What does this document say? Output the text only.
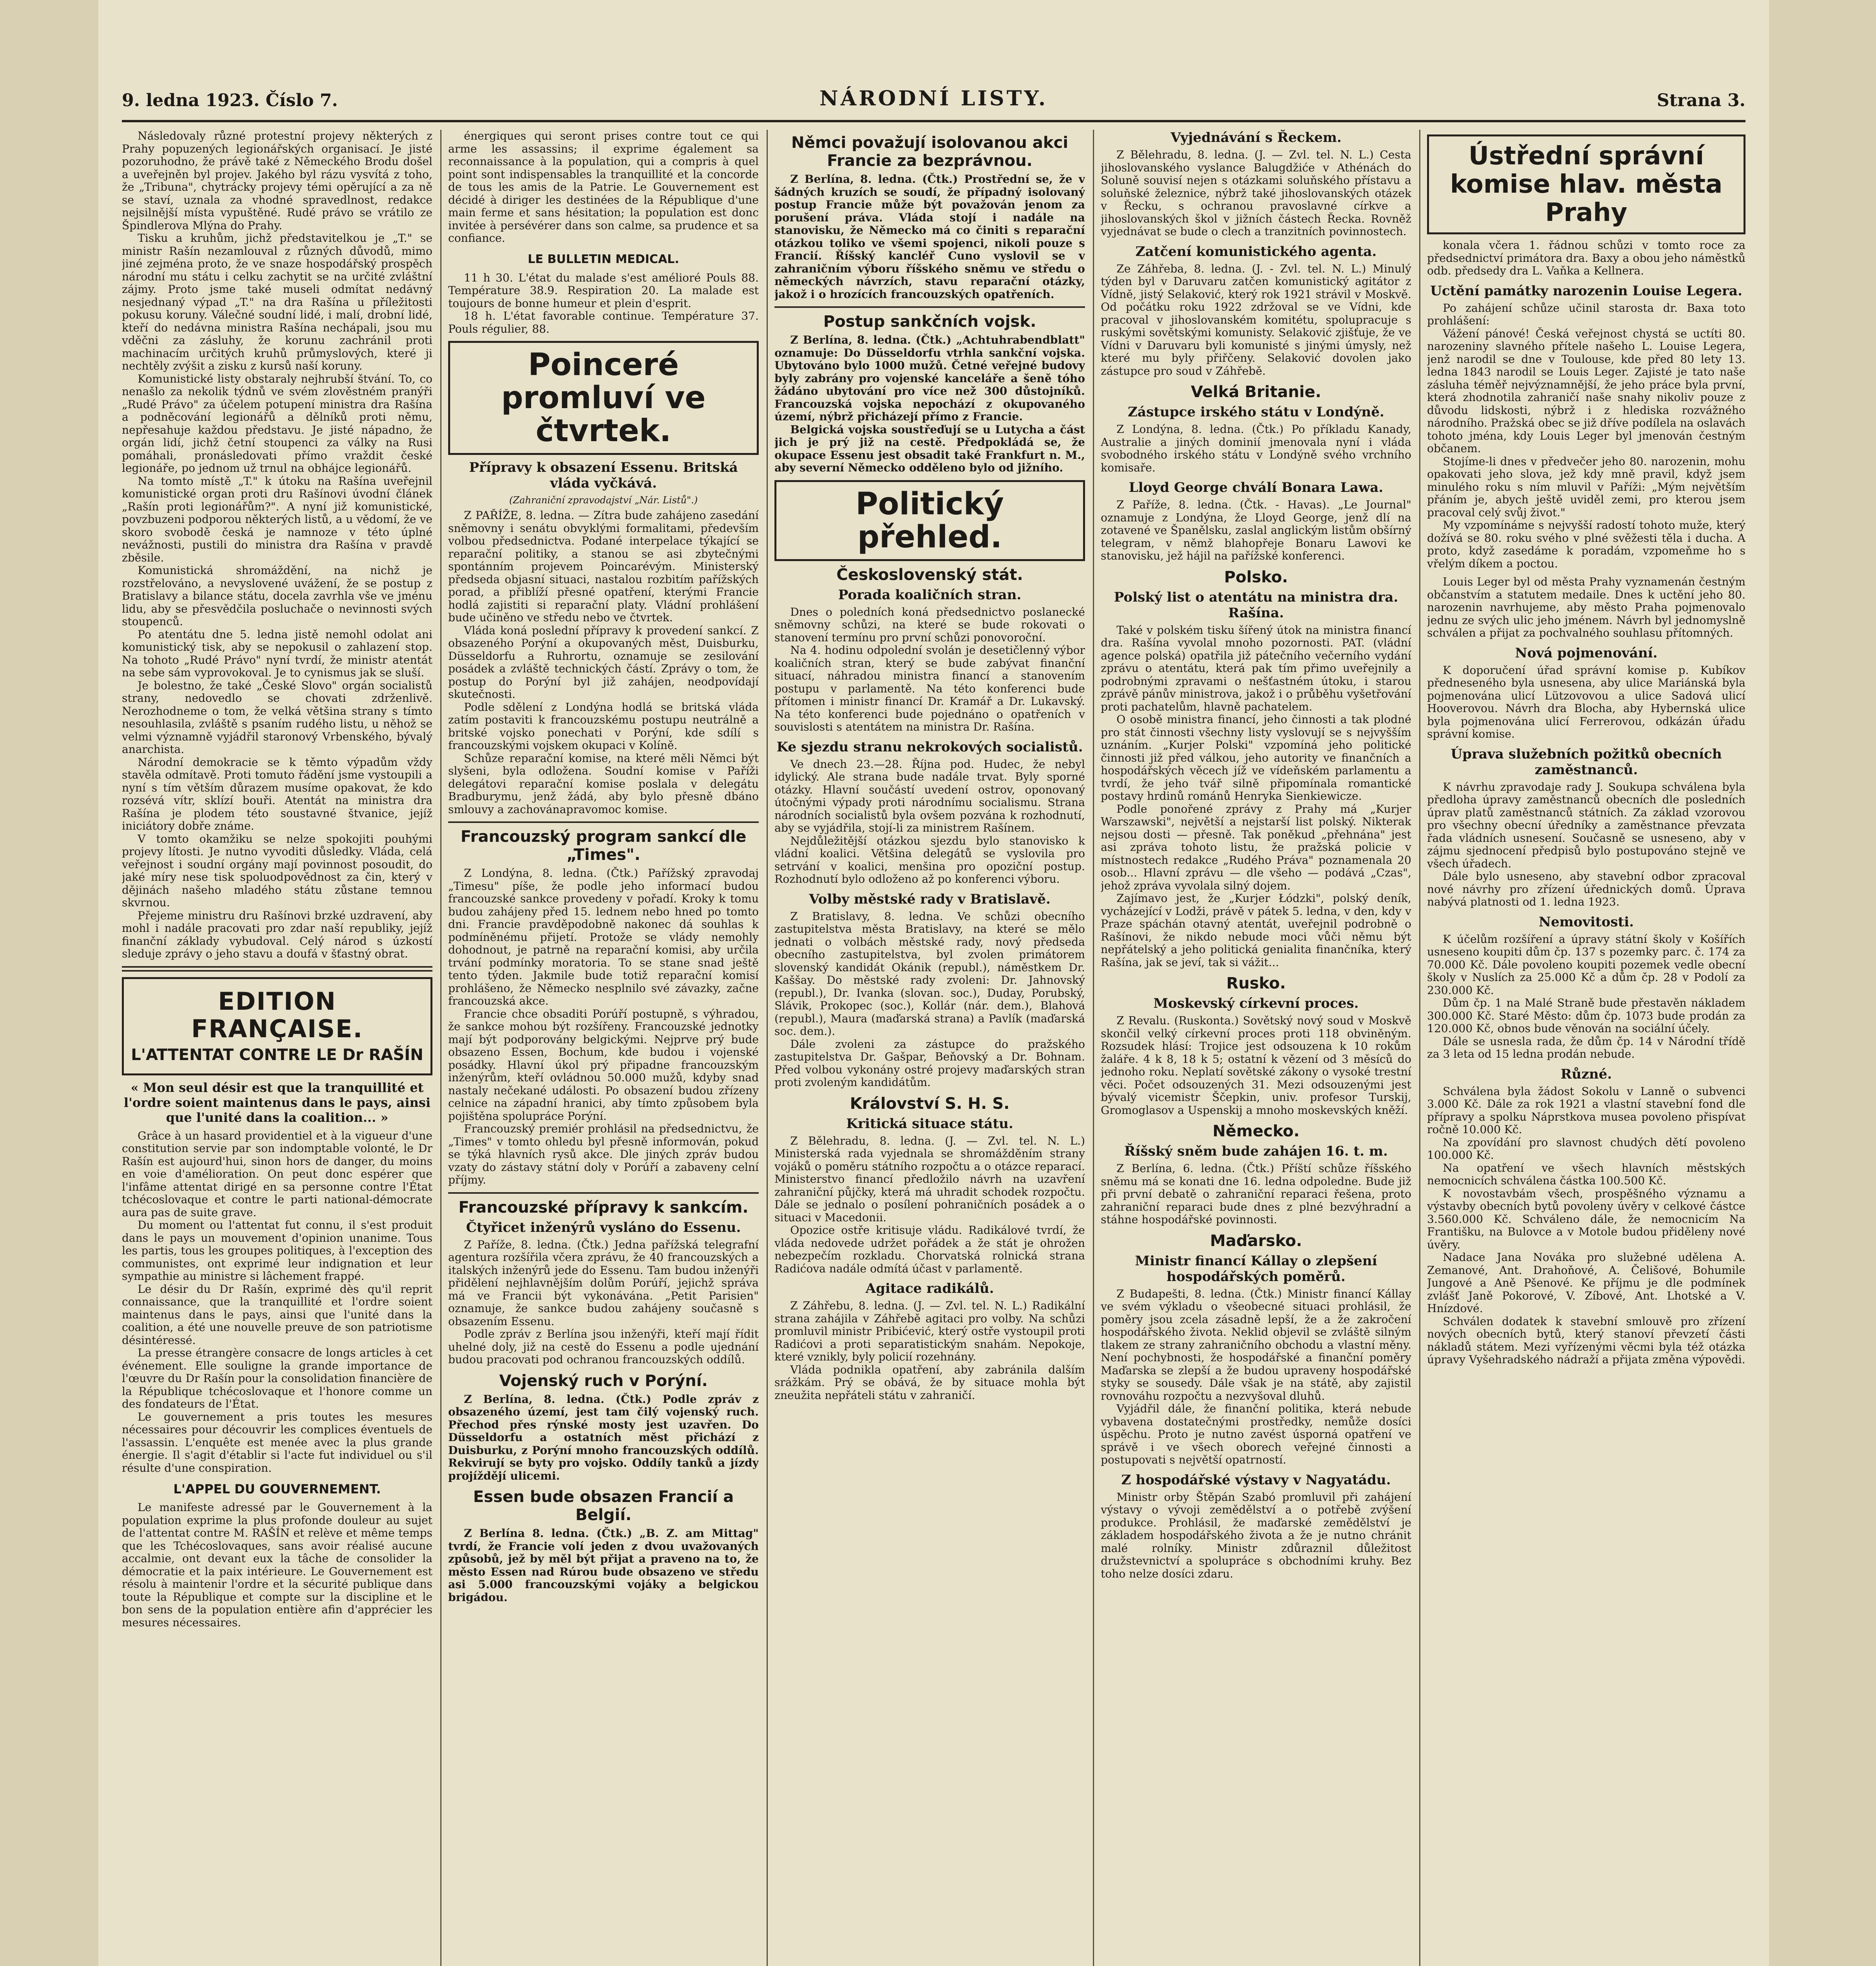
9. ledna 1923. Číslo 7.	NÁRODNÍ LISTY.	Strana 3.

Následovaly různé protestní projevy některých z Prahy popuzených legionářských organisací. Je jisté pozoruhodno, že právě také z Německého Brodu došel a uveřejněn byl projev. Jakého byl rázu vysvítá z toho, že „Tribuna", chytrácky projevy témi opěrující a za ně se staví, uznala za vhodné spravedlnost, redakce nejsilnější místa vypuštěné. Rudé právo se vrátilo ze Špindlerova Mlýna do Prahy.

Tisku a kruhům, jichž představitelkou je „T." se ministr Rašín nezamlouval z různých důvodů, mimo jiné zejména proto, že ve snaze hospodářský prospěch národní mu státu i celku zachytit se na určité zvláštní zájmy. Proto jsme také museli odmítat nedávný nesjednaný výpad „T." na dra Rašína u příležitosti pokusu koruny. Válečné soudní lidé, i malí, drobní lidé, kteří do nedávna ministra Rašína nechápali, jsou mu vděčni za zásluhy, že korunu zachránil proti machinacím určitých kruhů průmyslových, které ji nechtěly zvýšit a zisku z kursů naší koruny.

Komunistické listy obstaraly nejhrubší štvání. To, co nenašlo za nekolik týdnů ve svém zlověstném pranýři „Rudé Právo" za účelem potupení ministra dra Rašína a podněcování legionářů a dělníků proti němu, nepřesahuje každou představu. Je jisté nápadno, že orgán lidí, jichž četní stoupenci za války na Rusi pomáhali, pronásledovati přímo vraždit české legionáře, po jednom už trnul na obhájce legionářů.

Na tomto místě „T." k útoku na Rašína uveřejnil komunistické organ proti dru Rašínovi úvodní článek „Rašín proti legionářům?". A nyní již komunistické, povzbuzeni podporou některých listů, a u vědomí, že ve skoro svobodě česká je namnoze v této úplné nevážnosti, pustili do ministra dra Rašína v pravdě zběsile.

Komunistická shromáždění, na nichž je rozstřelováno, a nevyslovené uvážení, že se postup z Bratislavy a bilance státu, docela zavrhla vše ve jménu lidu, aby se přesvědčila posluchače o nevinnosti svých stoupenců.

Po atentátu dne 5. ledna jistě nemohl odolat ani komunistický tisk, aby se nepokusil o zahlazení stop. Na tohoto „Rudé Právo" nyní tvrdí, že ministr atentát na sebe sám vyprovokoval. Je to cynismus jak se sluší.

Je bolestno, že také „České Slovo" orgán socialistů strany, nedovedlo se chovati zdrženlivě. Nerozhodneme o tom, že velká většina strany s tímto nesouhlasila, zvláště s psaním rudého listu, u něhož se velmi významně vyjádřil staronový Vrbenského, bývalý anarchista.

Národní demokracie se k těmto výpadům vždy stavěla odmítavě. Proti tomuto řádění jsme vystoupili a nyní s tím větším důrazem musíme opakovat, že kdo rozsévá vítr, sklízí bouři. Atentát na ministra dra Rašína je plodem této soustavné štvanice, jejíž iniciátory dobře známe.

V tomto okamžiku se nelze spokojiti pouhými projevy lítosti. Je nutno vyvoditi důsledky. Vláda, celá veřejnost i soudní orgány mají povinnost posoudit, do jaké míry nese tisk spoluodpovědnost za čin, který v dějinách našeho mladého státu zůstane temnou skvrnou.

Přejeme ministru dru Rašínovi brzké uzdravení, aby mohl i nadále pracovati pro zdar naší republiky, jejíž finanční základy vybudoval. Celý národ s úzkostí sleduje zprávy o jeho stavu a doufá v šťastný obrat.

EDITION FRANÇAISE.
L'ATTENTAT CONTRE LE Dr RAŠÍN
« Mon seul désir est que la tranquillité et l'ordre soient maintenus dans le pays, ainsi que l'unité dans la coalition... »

Grâce à un hasard providentiel et à la vigueur d'une constitution servie par son indomptable volonté, le Dr Rašín est aujourd'hui, sinon hors de danger, du moins en voie d'amélioration. On peut donc espérer que l'infâme attentat dirigé en sa personne contre l'État tchécoslovaque et contre le parti national-démocrate aura pas de suite grave.

Du moment ou l'attentat fut connu, il s'est produit dans le pays un mouvement d'opinion unanime. Tous les partis, tous les groupes politiques, à l'exception des communistes, ont exprimé leur indignation et leur sympathie au ministre si lâchement frappé.

Le désir du Dr Rašín, exprimé dès qu'il reprit connaissance, que la tranquillité et l'ordre soient maintenus dans le pays, ainsi que l'unité dans la coalition, a été une nouvelle preuve de son patriotisme désintéressé.

La presse étrangère consacre de longs articles à cet événement. Elle souligne la grande importance de l'œuvre du Dr Rašín pour la consolidation financière de la République tchécoslovaque et l'honore comme un des fondateurs de l'État.

Le gouvernement a pris toutes les mesures nécessaires pour découvrir les complices éventuels de l'assassin. L'enquête est menée avec la plus grande énergie. Il s'agit d'établir si l'acte fut individuel ou s'il résulte d'une conspiration.

L'APPEL DU GOUVERNEMENT.

Le manifeste adressé par le Gouvernement à la population exprime la plus profonde douleur au sujet de l'attentat contre M. RAŠÍN et relève et même temps que les Tchécoslovaques, sans avoir réalisé aucune accalmie, ont devant eux la tâche de consolider la démocratie et la paix intérieure. Le Gouvernement est résolu à maintenir l'ordre et la sécurité publique dans toute la République et compte sur la discipline et le bon sens de la population entière afin d'apprécier les mesures nécessaires.

énergiques qui seront prises contre tout ce qui arme les assassins; il exprime également sa reconnaissance à la population, qui a compris à quel point sont indispensables la tranquillité et la concorde de tous les amis de la Patrie. Le Gouvernement est décidé à diriger les destinées de la République d'une main ferme et sans hésitation; la population est donc invitée à persévérer dans son calme, sa prudence et sa confiance.

LE BULLETIN MEDICAL.

11 h 30. L'état du malade s'est amélioré Pouls 88. Température 38.9. Respiration 20. La malade est toujours de bonne humeur et plein d'esprit.

18 h. L'état favorable continue. Température 37. Pouls régulier, 88.

Poinceré promluví ve čtvrtek.
Přípravy k obsazení Essenu. Britská vláda vyčkává.
(Zahraniční zpravodajství „Nár. Listů".)

Z PAŘÍŽE, 8. ledna. — Zítra bude zahájeno zasedání sněmovny i senátu obvyklými formalitami, především volbou předsednictva. Podané interpelace týkající se reparační politiky, a stanou se asi zbytečnými spontánním projevem Poincarévým. Ministerský předseda objasní situaci, nastalou rozbitím pařížských porad, a přiblíží přesné opatření, kterými Francie hodlá zajistiti si reparační platy. Vládní prohlášení bude učiněno ve středu nebo ve čtvrtek.

Vláda koná poslední přípravy k provedení sankcí. Z obsazeného Porýní a okupovaných měst, Duisburku, Düsseldorfu a Ruhrortu, oznamuje se zesilování posádek a zvláště technických částí. Zprávy o tom, že postup do Porýní byl již zahájen, neodpovídají skutečnosti.

Podle sdělení z Londýna hodlá se britská vláda zatím postaviti k francouzskému postupu neutrálně a britské vojsko ponechati v Porýní, kde sdílí s francouzskými vojskem okupaci v Kolíně.

Schůze reparační komise, na které měli Němci být slyšeni, byla odložena. Soudní komise v Paříži delegátovi reparační komise poslala v delegátu Bradburymu, jenž žádá, aby bylo přesně dbáno smlouvy a zachovánapravomoc komise.

Francouzský program sankcí dle „Times".

Z Londýna, 8. ledna. (Čtk.) Pařížský zpravodaj „Timesu" píše, že podle jeho informací budou francouzské sankce provedeny v pořadí. Kroky k tomu budou zahájeny před 15. lednem nebo hned po tomto dni. Francie pravděpodobně nakonec dá souhlas k podmíněnému přijetí. Protože se vlády nemohly dohodnout, je patrně na reparační komisi, aby určila trvání podmínky moratoria. To se stane snad ještě tento týden. Jakmile bude totiž reparační komisí prohlášeno, že Německo nesplnilo své závazky, začne francouzská akce.

Francie chce obsaditi Porúří postupně, s výhradou, že sankce mohou být rozšířeny. Francouzské jednotky mají být podporovány belgickými. Nejprve prý bude obsazeno Essen, Bochum, kde budou i vojenské posádky. Hlavní úkol prý připadne francouzským inženýrům, kteří ovládnou 50.000 mužů, kdyby snad nastaly nečekané události. Po obsazení budou zřízeny celnice na západní hranici, aby tímto způsobem byla pojištěna spolupráce Porýní.

Francouzský premiér prohlásil na předsednictvu, že „Times" v tomto ohledu byl přesně informován, pokud se týká hlavních rysů akce. Dle jiných zpráv budou vzaty do zástavy státní doly v Porúří a zabaveny celní příjmy.

Francouzské přípravy k sankcím.
Čtyřicet inženýrů vysláno do Essenu.

Z Paříže, 8. ledna. (Čtk.) Jedna pařížská telegrafní agentura rozšířila včera zprávu, že 40 francouzských a italských inženýrů jede do Essenu. Tam budou inženýři přidělení nejhlavnějším dolům Porúří, jejichž správa má ve Francii být vykonávána. „Petit Parisien" oznamuje, že sankce budou zahájeny současně s obsazením Essenu.

Podle zpráv z Berlína jsou inženýři, kteří mají řídit uhelné doly, již na cestě do Essenu a podle ujednání budou pracovati pod ochranou francouzských oddílů.

Vojenský ruch v Porýní.

Z Berlína, 8. ledna. (Čtk.) Podle zpráv z obsazeného území, jest tam čilý vojenský ruch. Přechod přes rýnské mosty jest uzavřen. Do Düsseldorfu a ostatních měst přichází z Duisburku, z Porýní mnoho francouzských oddílů. Rekvirují se byty pro vojsko. Oddíly tanků a jízdy projíždějí ulicemi.

Essen bude obsazen Francií a Belgií.

Z Berlína 8. ledna. (Čtk.) „B. Z. am Mittag" tvrdí, že Francie volí jeden z dvou uvažovaných způsobů, jež by měl být přijat a praveno na to, že město Essen nad Rúrou bude obsazeno ve středu asi 5.000 francouzskými vojáky a belgickou brigádou.

Němci považují isolovanou akci Francie za bezprávnou.

Z Berlína, 8. ledna. (Čtk.) Prostřední se, že v šádných kruzích se soudí, že případný isolovaný postup Francie může být považován jenom za porušení práva. Vláda stojí i nadále na stanovisku, že Německo má co činiti s reparační otázkou toliko ve všemi spojenci, nikoli pouze s Francií. Říšský kancléř Cuno vyslovil se v zahraničním výboru říšského sněmu ve středu o německých návrzích, stavu reparační otázky, jakož i o hrozících francouzských opatřeních.

Postup sankčních vojsk.

Z Berlína, 8. ledna. (Čtk.) „Achtuhrabendblatt" oznamuje: Do Düsseldorfu vtrhla sankční vojska. Ubytováno bylo 1000 mužů. Četné veřejné budovy byly zabrány pro vojenské kanceláře a šeně tóho žádáno ubytování pro více než 300 důstojníků. Francouzská vojska nepochází z okupovaného území, nýbrž přicházejí přímo z Francie.

Belgická vojska soustřeďují se u Lutycha a část jich je prý již na cestě. Předpokládá se, že okupace Essenu jest obsadit také Frankfurt n. M., aby severní Německo odděleno bylo od jižního.

Politický přehled.
Československý stát.
Porada koaličních stran.

Dnes o poledních koná předsednictvo poslanecké sněmovny schůzi, na které se bude rokovati o stanovení termínu pro první schůzi ponovoroční.

Na 4. hodinu odpolední svolán je desetičlenný výbor koaličních stran, který se bude zabývat finanční situací, náhradou ministra financí a stanovením postupu v parlamentě. Na této konferenci bude přítomen i ministr financí Dr. Kramář a Dr. Lukavský. Na této konferenci bude pojednáno o opatřeních v souvislosti s atentátem na ministra Dr. Rašína.

Ke sjezdu stranu nekrokových socialistů.

Ve dnech 23.—28. Října pod. Hudec, že nebyl idylický. Ale strana bude nadále trvat. Byly sporné otázky. Hlavní součástí uvedení ostrov, oponovaný útočnými výpady proti národnímu socialismu. Strana národních socialistů byla ovšem pozvána k rozhodnutí, aby se vyjádřila, stojí-li za ministrem Rašínem.

Nejdůležitější otázkou sjezdu bylo stanovisko k vládní koalici. Většina delegátů se vyslovila pro setrvání v koalici, menšina pro opoziční postup. Rozhodnutí bylo odloženo až po konferenci výboru.

Volby městské rady v Bratislavě.

Z Bratislavy, 8. ledna. Ve schůzi obecního zastupitelstva města Bratislavy, na které se mělo jednati o volbách městské rady, nový předseda obecního zastupitelstva, byl zvolen primátorem slovenský kandidát Okánik (republ.), náměstkem Dr. Kaššay. Do městské rady zvoleni: Dr. Jahnovský (republ.), Dr. Ivanka (slovan. soc.), Duday, Porubský, Slávik, Prokopec (soc.), Kollár (nár. dem.), Blahová (republ.), Maura (maďarská strana) a Pavlík (maďarská soc. dem.).

Dále zvoleni za zástupce do pražského zastupitelstva Dr. Gašpar, Beňovský a Dr. Bohnam. Před volbou vykonány ostré projevy maďarských stran proti zvoleným kandidátům.

Království S. H. S.
Kritická situace státu.

Z Bělehradu, 8. ledna. (J. — Zvl. tel. N. L.) Ministerská rada vyjednala se shromážděním strany vojáků o poměru státního rozpočtu a o otázce reparací. Ministerstvo financí předložilo návrh na uzavření zahraniční půjčky, která má uhradit schodek rozpočtu. Dále se jednalo o posílení pohraničních posádek a o situaci v Macedonii.

Opozice ostře kritisuje vládu. Radikálové tvrdí, že vláda nedovede udržet pořádek a že stát je ohrožen nebezpečím rozkladu. Chorvatská rolnická strana Radićova nadále odmítá účast v parlamentě.

Agitace radikálů.

Z Záhřebu, 8. ledna. (J. — Zvl. tel. N. L.) Radikální strana zahájila v Záhřebě agitaci pro volby. Na schůzi promluvil ministr Pribićević, který ostře vystoupil proti Radićovi a proti separatistickým snahám. Nepokoje, které vznikly, byly policií rozehnány.

Vláda podnikla opatření, aby zabránila dalším srážkám. Prý se obává, že by situace mohla být zneužita nepřáteli státu v zahraničí.

Vyjednávání s Řeckem.

Z Bělehradu, 8. ledna. (J. — Zvl. tel. N. L.) Cesta jihoslovanského vyslance Balugdžiće v Athénách do Soluně souvisí nejen s otázkami soluňského přístavu a soluňské železnice, nýbrž také jihoslovanských otázek v Řecku, s ochranou pravoslavné církve a jihoslovanských škol v jižních částech Řecka. Rovněž vyjednávat se bude o clech a tranzitních povinnostech.

Zatčení komunistického agenta.

Ze Záhřeba, 8. ledna. (J. - Zvl. tel. N. L.) Minulý týden byl v Daruvaru zatčen komunistický agitátor z Vídně, jistý Selaković, který rok 1921 strávil v Moskvě. Od počátku roku 1922 zdržoval se ve Vídni, kde pracoval v jihoslovanském komitétu, spolupracuje s ruskými sovětskými komunisty. Selaković zjišťuje, že ve Vídni v Daruvaru byli komunisté s jinými úmysly, než které mu byly přiřčeny. Selaković dovolen jako zástupce pro soud v Záhřebě.

Velká Britanie.
Zástupce irského státu v Londýně.

Z Londýna, 8. ledna. (Čtk.) Po příkladu Kanady, Australie a jiných dominií jmenovala nyní i vláda svobodného irského státu v Londýně svého vrchního komisaře.

Lloyd George chválí Bonara Lawa.

Z Paříže, 8. ledna. (Čtk. - Havas). „Le Journal" oznamuje z Londýna, že Lloyd George, jenž dlí na zotavené ve Španělsku, zaslal anglickým listům obšírný telegram, v němž blahopřeje Bonaru Lawovi ke stanovisku, jež hájil na pařížské konferenci.

Polsko.
Polský list o atentátu na ministra dra. Rašína.

Také v polském tisku šířený útok na ministra financí dra. Rašína vyvolal mnoho pozornosti. PAT. (vládní agence polská) opatřila již pátečního večerního vydání zprávu o atentátu, která pak tím přimo uveřejnily a podrobnými zpravami o nešťastném útoku, i starou zprávě pánův ministrova, jakož i o průběhu vyšetřování proti pachatelům, hlavně pachatelem.

O osobě ministra financí, jeho činnosti a tak plodné pro stát činnosti všechny listy vyslovují se s nejvyšším uznáním. „Kurjer Polski" vzpomíná jeho politické činnosti již před válkou, jeho autority ve finančních a hospodářských věcech jíž ve vídeňském parlamentu a tvrdí, že jeho tvář silně připomínala romantické postavy hrdinů románů Henryka Sienkiewicze.

Podle ponořené zprávy z Prahy má „Kurjer Warszawski", největší a nejstarší list polský. Nikterak nejsou dosti — přesně. Tak poněkud „přehnána" jest asi zpráva tohoto listu, že pražská policie v místnostech redakce „Rudého Práva" poznamenala 20 osob... Hlavní zprávu — dle všeho — podává „Czas", jehož zpráva vyvolala silný dojem.

Zajímavo jest, že „Kurjer Łódzki", polský deník, vycházející v Lodži, právě v pátek 5. ledna, v den, kdy v Praze spáchán otavný atentát, uveřejnil podrobně o Rašínovi, že nikdo nebude moci vůči němu být nepřátelský a jeho politická genialita finančníka, který Rašína, jak se jeví, tak si vážit...

Rusko.
Moskevský církevní proces.

Z Revalu. (Ruskonta.) Sovětský nový soud v Moskvě skončil velký církevní proces proti 118 obviněným. Rozsudek hlásí: Trojice jest odsouzena k 10 rokům žaláře. 4 k 8, 18 k 5; ostatní k vězení od 3 měsíců do jednoho roku. Neplatí sovětské zákony o vysoké trestní věci. Počet odsouzených 31. Mezi odsouzenými jest bývalý vicemistr Ščepkin, univ. profesor Turskij, Gromoglasov a Uspenskij a mnoho moskevských kněží.

Německo.
Říšský sněm bude zahájen 16. t. m.

Z Berlína, 6. ledna. (Čtk.) Příští schůze říšského sněmu má se konati dne 16. ledna odpoledne. Bude již při první debatě o zahraniční reparaci řešena, proto zahraniční reparaci bude dnes z plné bezvýhradní a stáhne hospodářské povinnosti.

Maďarsko.
Ministr financí Kállay o zlepšení hospodářských poměrů.

Z Budapešti, 8. ledna. (Čtk.) Ministr financí Kállay ve svém výkladu o všeobecné situaci prohlásil, že poměry jsou zcela zásadně lepší, že a že zakročení hospodářského života. Neklid objevil se zvláště silným tlakem ze strany zahraničního obchodu a vlastní měny. Není pochybnosti, že hospodářské a finanční poměry Maďarska se zlepší a že budou upraveny hospodářské styky se sousedy. Dále však je na státě, aby zajistil rovnováhu rozpočtu a nezvyšoval dluhů.

Vyjádřil dále, že finanční politika, která nebude vybavena dostatečnými prostředky, nemůže dosíci úspěchu. Proto je nutno zavést úsporná opatření ve správě i ve všech oborech veřejné činnosti a postupovati s největší opatrností.

Z hospodářské výstavy v Nagyatádu.

Ministr orby Štěpán Szabó promluvil při zahájení výstavy o vývoji zemědělství a o potřebě zvýšení produkce. Prohlásil, že maďarské zemědělství je základem hospodářského života a že je nutno chránit malé rolníky. Ministr zdůraznil důležitost družstevnictví a spolupráce s obchodními kruhy. Bez toho nelze dosíci zdaru.

Ústřední správní komise hlav. města Prahy

konala včera 1. řádnou schůzi v tomto roce za předsednictví primátora dra. Baxy a obou jeho náměstků odb. předsedy dra L. Vaňka a Kellnera.

Uctění památky narozenin Louise Legera.

Po zahájení schůze učinil starosta dr. Baxa toto prohlášení:

Vážení pánové! Česká veřejnost chystá se uctíti 80. narozeniny slavného přítele našeho L. Louise Legera, jenž narodil se dne v Toulouse, kde před 80 lety 13. ledna 1843 narodil se Louis Leger. Zajisté je tato naše zásluha téměř nejvýznamnější, že jeho práce byla první, která zhodnotila zahraničí naše snahy nikoliv pouze z důvodu lidskosti, nýbrž i z hlediska rozvážného národního. Pražská obec se již dříve podílela na oslavách tohoto jména, kdy Louis Leger byl jmenován čestným občanem.

Stojíme-li dnes v předvečer jeho 80. narozenin, mohu opakovati jeho slova, jež kdy mně pravil, když jsem minulého roku s ním mluvil v Paříži: „Mým největším přáním je, abych ještě uviděl zemi, pro kterou jsem pracoval celý svůj život."

My vzpomínáme s nejvyšší radostí tohoto muže, který dožívá se 80. roku svého v plné svěžesti těla i ducha. A proto, když zasedáme k poradám, vzpomeňme ho s vřelým díkem a poctou.

Louis Leger byl od města Prahy vyznamenán čestným občanstvím a statutem medaile. Dnes k uctění jeho 80. narozenin navrhujeme, aby město Praha pojmenovalo jednu ze svých ulic jeho jménem. Návrh byl jednomyslně schválen a přijat za pochvalného souhlasu přítomných.

Nová pojmenování.

K doporučení úřad správní komise p. Kubíkov předneseného byla usnesena, aby ulice Mariánská byla pojmenována ulicí Lützovovou a ulice Sadová ulicí Hooverovou. Návrh dra Blocha, aby Hybernská ulice byla pojmenována ulicí Ferrerovou, odkázán úřadu správní komise.

Úprava služebních požitků obecních zaměstnanců.

K návrhu zpravodaje rady J. Soukupa schválena byla předloha úpravy zaměstnanců obecních dle posledních úprav platů zaměstnanců státních. Za základ vzorovou pro všechny obecní úředníky a zaměstnance převzata řada vládních usnesení. Současně se usneseno, aby v zájmu sjednocení předpisů bylo postupováno stejně ve všech úřadech.

Dále bylo usneseno, aby stavební odbor zpracoval nové návrhy pro zřízení úřednických domů. Úprava nabývá platnosti od 1. ledna 1923.

Nemovitosti.

K účelům rozšíření a úpravy státní školy v Košířích usneseno koupiti dům čp. 137 s pozemky parc. č. 174 za 70.000 Kč. Dále povoleno koupiti pozemek vedle obecní školy v Nuslích za 25.000 Kč a dům čp. 28 v Podolí za 230.000 Kč.

Dům čp. 1 na Malé Straně bude přestavěn nákladem 300.000 Kč. Staré Město: dům čp. 1073 bude prodán za 120.000 Kč, obnos bude věnován na sociální účely.

Dále se usnesla rada, že dům čp. 14 v Národní třídě za 3 leta od 15 ledna prodán nebude.

Různé.

Schválena byla žádost Sokolu v Lanně o subvenci 3.000 Kč. Dále za rok 1921 a vlastní stavební fond dle přípravy a spolku Náprstkova musea povoleno přispívat ročně 10.000 Kč.

Na zpovídání pro slavnost chudých dětí povoleno 100.000 Kč.

Na opatření ve všech hlavních městských nemocnicích schválena částka 100.500 Kč.

K novostavbám všech, prospěšného významu a výstavby obecních bytů povoleny úvěry v celkové částce 3.560.000 Kč. Schváleno dále, že nemocnicím Na Františku, na Bulovce a v Motole budou přiděleny nové úvěry.

Nadace Jana Nováka pro služebné udělena A. Zemanové, Ant. Drahoňové, A. Čelišové, Bohumile Jungové a Aně Pšenové. Ke příjmu je dle podmínek zvlášť Janě Pokorové, V. Zíbové, Ant. Lhotské a V. Hnízdové.

Schválen dodatek k stavební smlouvě pro zřízení nových obecních bytů, který stanoví převzetí části nákladů státem. Mezi vyřízenými věcmi byla též otázka úpravy Vyšehradského nádraží a přijata změna výpovědi.
